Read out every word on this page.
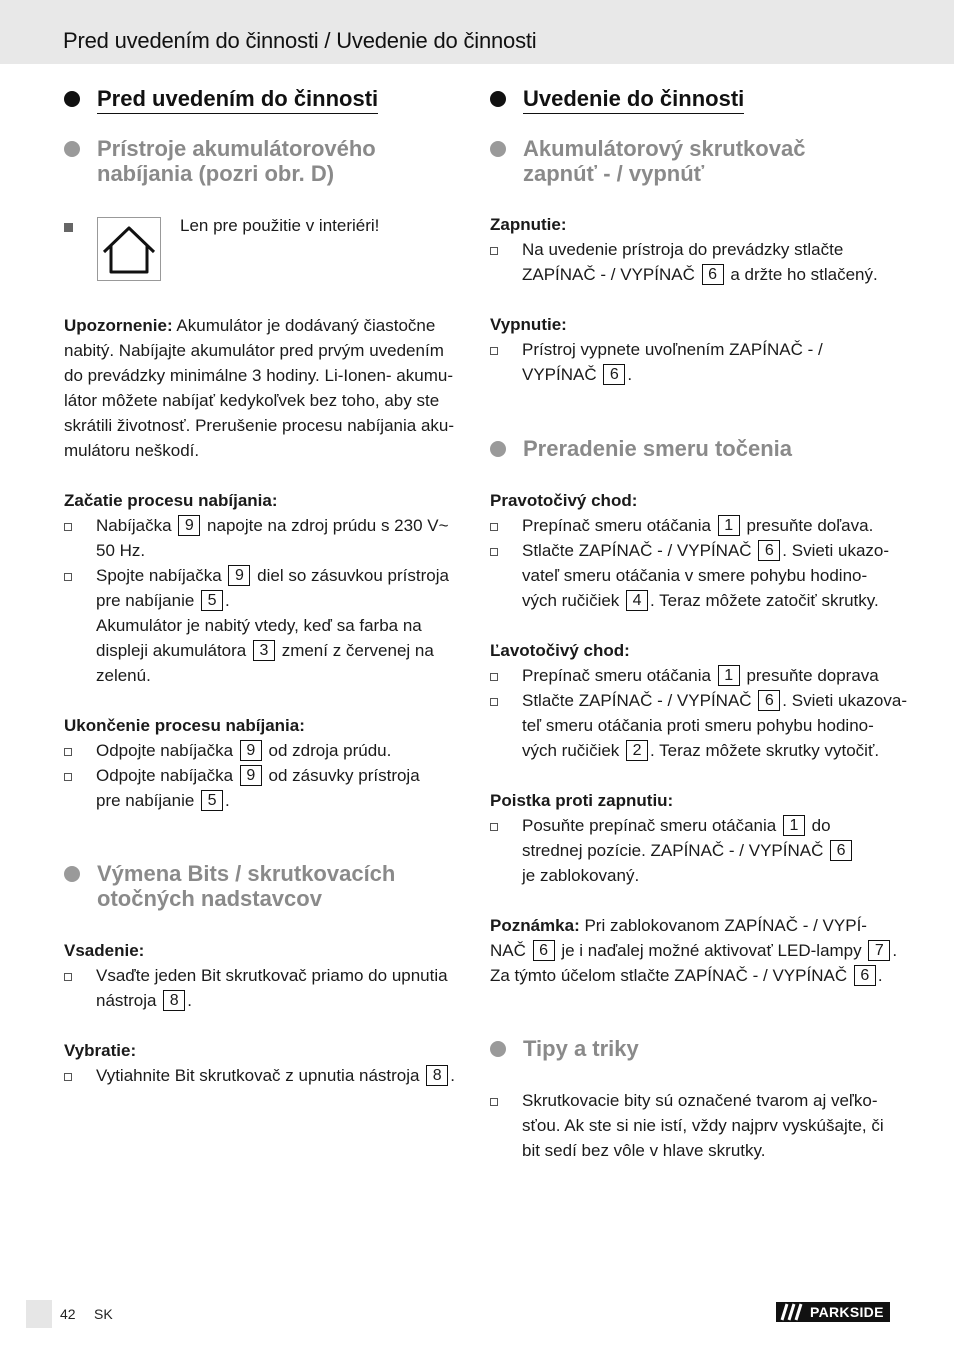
Pred uvedením do činnosti / Uvedenie do činnosti
Pred uvedením do činnosti
Prístroje akumulátorového
nabíjania (pozri obr. D)
Len pre použitie v interiéri!
Upozornenie: Akumulátor je dodávaný čiastočne
nabitý. Nabíjajte akumulátor pred prvým uvedením
do prevádzky minimálne 3 hodiny. Li-Ionen- akumu-
látor môžete nabíjať kedykoľvek bez toho, aby ste
skrátili životnosť. Prerušenie procesu nabíjania aku-
mulátoru neškodí.
Začatie procesu nabíjania:
Nabíjačka 9 napojte na zdroj prúdu s 230 V~
50 Hz.
Spojte nabíjačka 9 diel so zásuvkou prístroja
pre nabíjanie 5 .
Akumulátor je nabitý vtedy, keď sa farba na
displeji akumulátora 3 zmení z červenej na
zelenú.
Ukončenie procesu nabíjania:
Odpojte nabíjačka 9 od zdroja prúdu.
Odpojte nabíjačka 9 od zásuvky prístroja
pre nabíjanie 5 .
Výmena Bits / skrutkovacích
otočných nadstavcov
Vsadenie:
Vsaďte jeden Bit skrutkovač priamo do upnutia
nástroja 8 .
Vybratie:
Vytiahnite Bit skrutkovač z upnutia nástroja 8 .
Uvedenie do činnosti
Akumulátorový skrutkovač
zapnúť - / vypnúť
Zapnutie:
Na uvedenie prístroja do prevádzky stlačte
ZAPÍNAČ - / VYPÍNAČ 6 a držte ho stlačený.
Vypnutie:
Prístroj vypnete uvoľnením ZAPÍNAČ - /
VYPÍNAČ 6 .
Preradenie smeru točenia
Pravotočivý chod:
Prepínač smeru otáčania 1 presuňte doľava.
Stlačte ZAPÍNAČ - / VYPÍNAČ 6 . Svieti ukazo-
vateľ smeru otáčania v smere pohybu hodino-
vých ručičiek 4 . Teraz môžete zatočiť skrutky.
Ľavotočivý chod:
Prepínač smeru otáčania 1 presuňte doprava
Stlačte ZAPÍNAČ - / VYPÍNAČ 6 . Svieti ukazova-
teľ smeru otáčania proti smeru pohybu hodino-
vých ručičiek 2 . Teraz môžete skrutky vytočiť.
Poistka proti zapnutiu:
Posuňte prepínač smeru otáčania 1 do
strednej pozície. ZAPÍNAČ - / VYPÍNAČ 6
je zablokovaný.
Poznámka: Pri zablokovanom ZAPÍNAČ - / VYPÍ-
NAČ 6 je i naďalej možné aktivovať LED-lampy 7 .
Za týmto účelom stlačte ZAPÍNAČ - / VYPÍNAČ 6 .
Tipy a triky
Skrutkovacie bity sú označené tvarom aj veľko-
sťou. Ak ste si nie istí, vždy najprv vyskúšajte, či
bit sedí bez vôle v hlave skrutky.
42 SK	PARKSIDE
